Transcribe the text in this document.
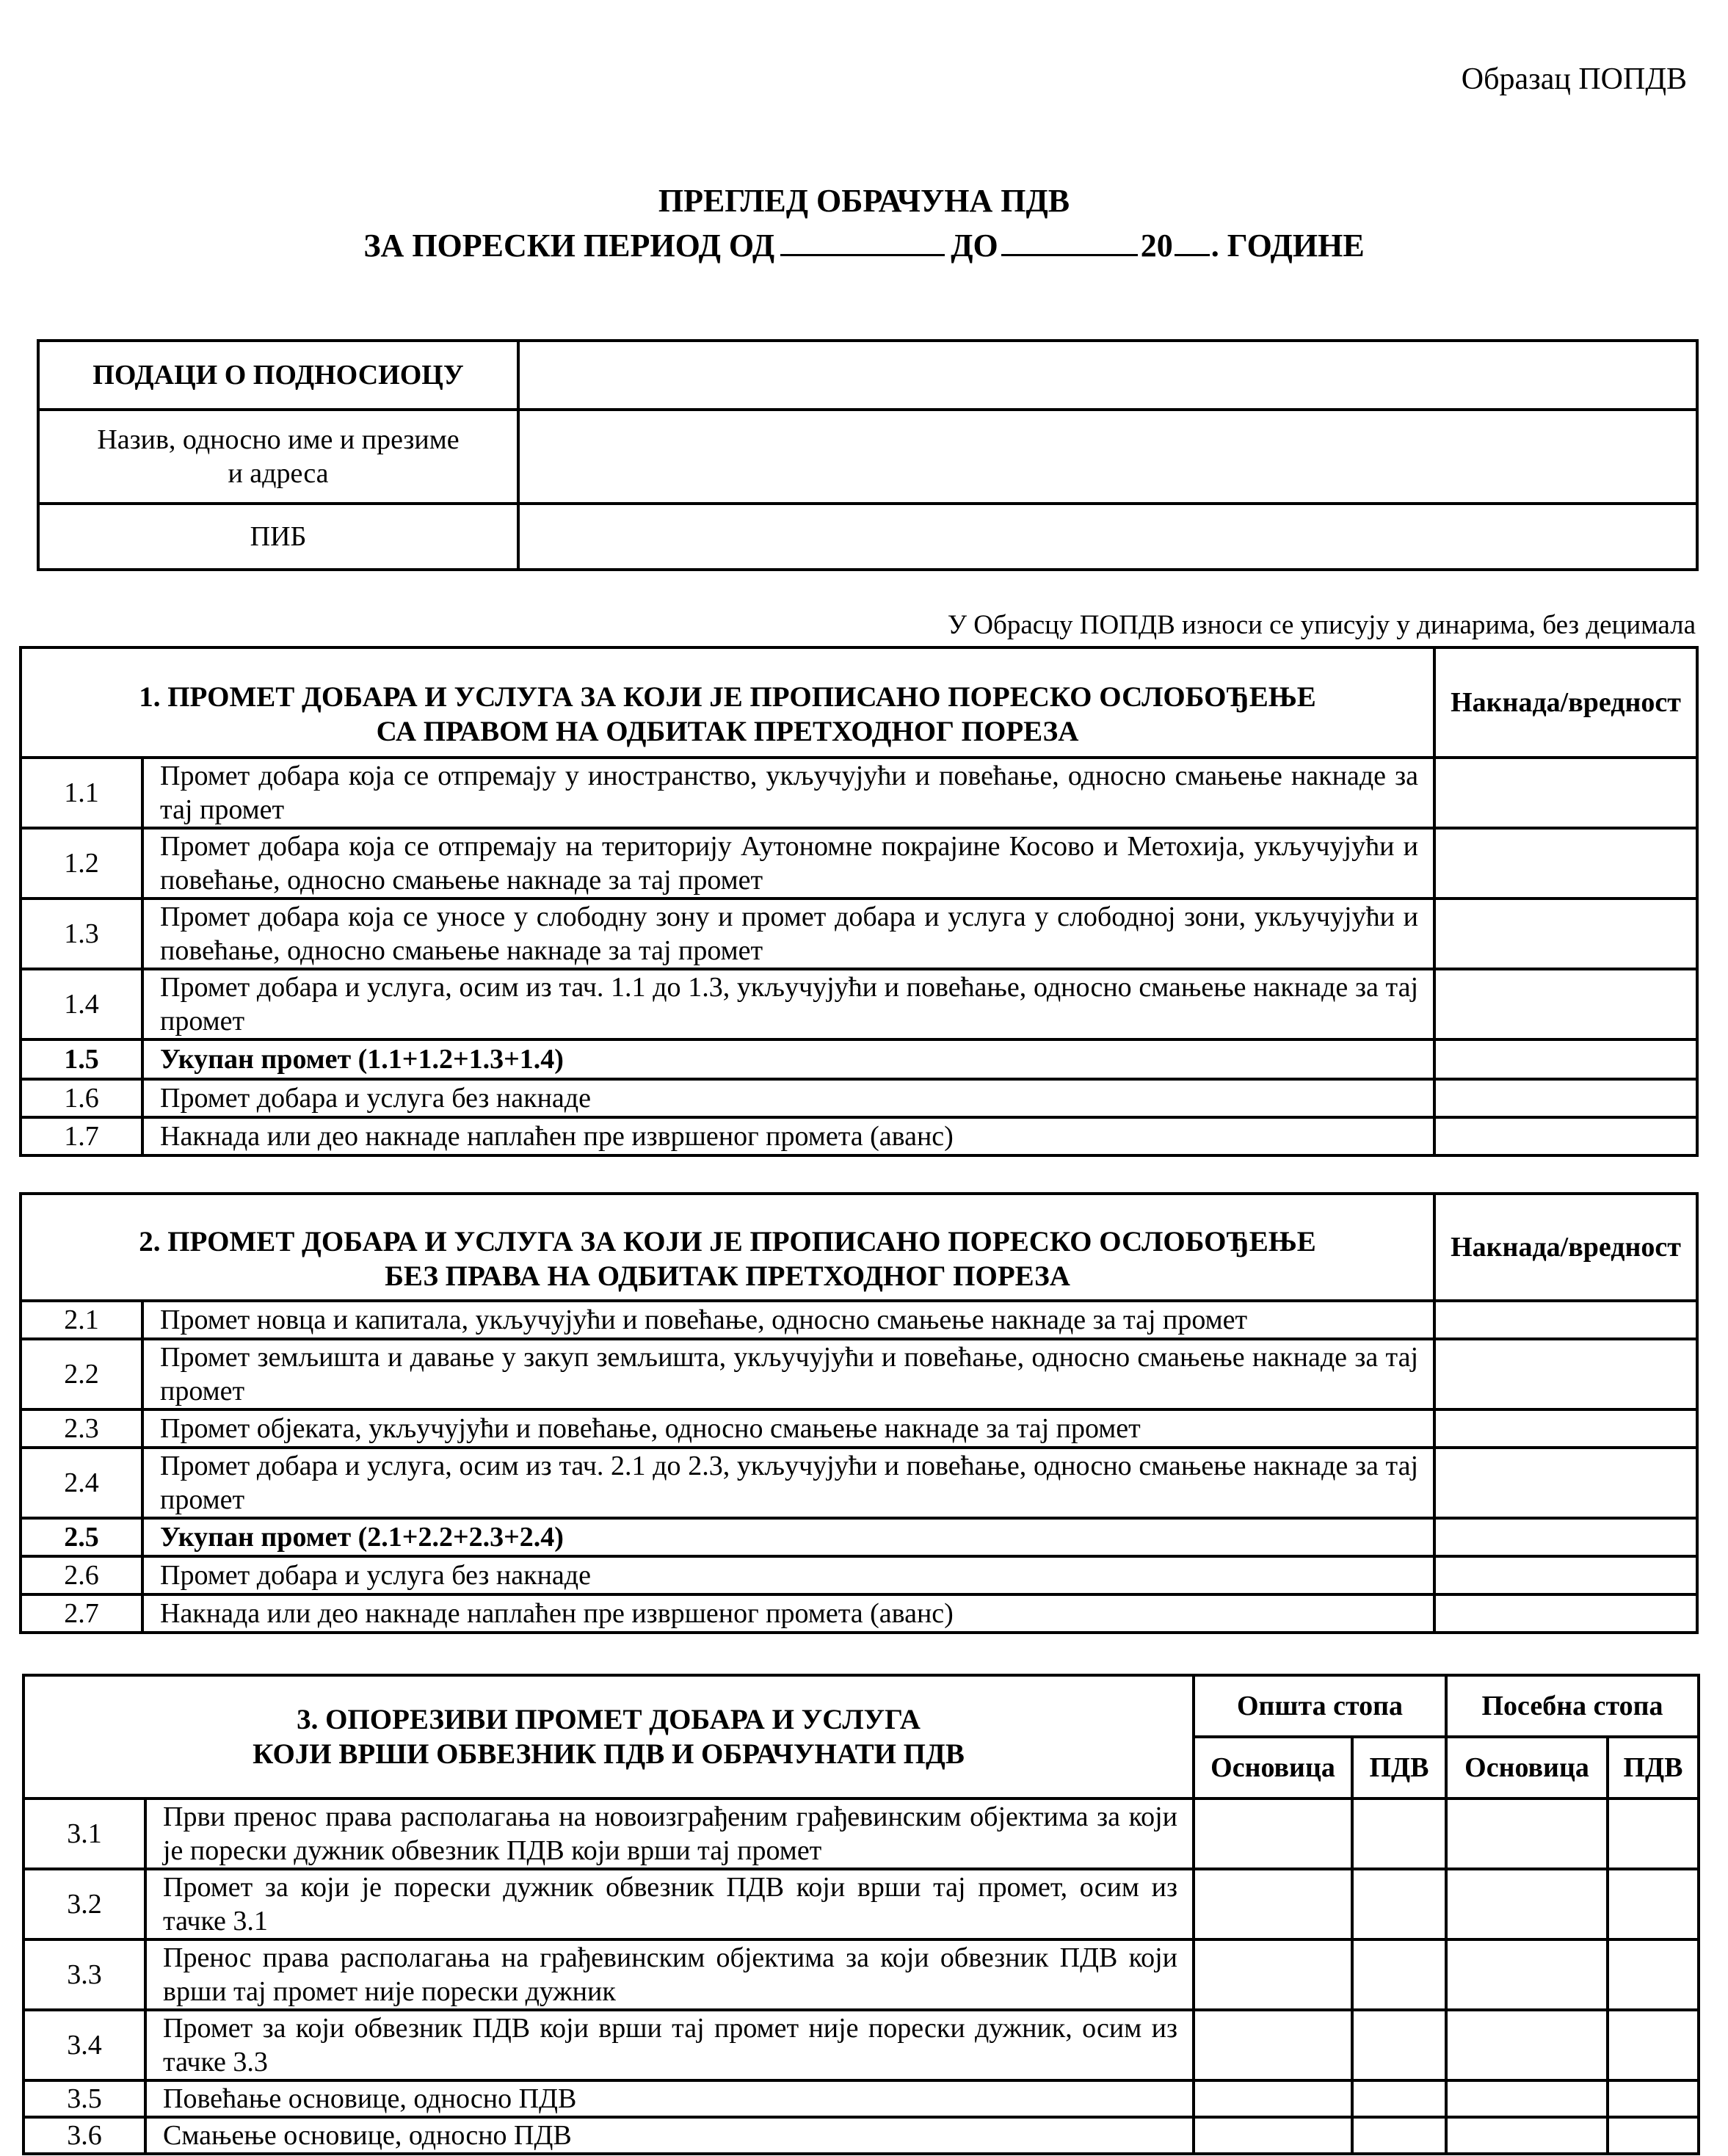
Образац ПОПДВ
ПРЕГЛЕД ОБРАЧУНА ПДВ
ЗА ПОРЕСКИ ПЕРИОД ОД	ДО	20 . ГОДИНЕ
ПОДАЦИ О ПОДНОСИОЦУ	
Назив, односно име и презиме
и адреса	
ПИБ	
У Обрасцу ПОПДВ износи се уписују у динарима, без децимала
1. ПРОМЕТ ДОБАРА И УСЛУГА ЗА КОЈИ ЈЕ ПРОПИСАНО ПОРЕСКО ОСЛОБОЂЕЊЕ
СА ПРАВОМ НА ОДБИТАК ПРЕТХОДНОГ ПОРЕЗА		Накнада/вредност
1.1	Промет добара која се отпремају у иностранство, укључујући и повећање, односно смањење накнаде за тај промет	
1.2	Промет добара која се отпремају на територију Аутономне покрајине Косово и Метохија, укључујући и повећање, односно смањење накнаде за тај промет	
1.3	Промет добара која се уносе у слободну зону и промет добара и услуга у слободној зони, укључујући и повећање, односно смањење накнаде за тај промет	
1.4	Промет добара и услуга, осим из тач. 1.1 до 1.3, укључујући и повећање, односно смањење накнаде за тај промет	
1.5	Укупан промет (1.1+1.2+1.3+1.4)	
1.6	Промет добара и услуга без накнаде	
1.7	Накнада или део накнаде наплаћен пре извршеног промета (аванс)	
2. ПРОМЕТ ДОБАРА И УСЛУГА ЗА КОЈИ ЈЕ ПРОПИСАНО ПОРЕСКО ОСЛОБОЂЕЊЕ
БЕЗ ПРАВА НА ОДБИТАК ПРЕТХОДНОГ ПОРЕЗА		Накнада/вредност
2.1	Промет новца и капитала, укључујући и повећање, односно смањење накнаде за тај промет	
2.2	Промет земљишта и давање у закуп земљишта, укључујући и повећање, односно смањење накнаде за тај промет	
2.3	Промет објеката, укључујући и повећање, односно смањење накнаде за тај промет	
2.4	Промет добара и услуга, осим из тач. 2.1 до 2.3, укључујући и повећање, односно смањење накнаде за тај промет	
2.5	Укупан промет (2.1+2.2+2.3+2.4)	
2.6	Промет добара и услуга без накнаде	
2.7	Накнада или део накнаде наплаћен пре извршеног промета (аванс)	
3. ОПОРЕЗИВИ ПРОМЕТ ДОБАРА И УСЛУГА
КОЈИ ВРШИ ОБВЕЗНИК ПДВ И ОБРАЧУНАТИ ПДВ		Општа стопа		Посебна стопа	
		Основица	ПДВ	Основица	ПДВ
3.1	Први пренос права располагања на новоизграђеним грађевинским објектима за који је порески дужник обвезник ПДВ који врши тај промет				
3.2	Промет за који је порески дужник обвезник ПДВ који врши тај промет, осим из тачке 3.1				
3.3	Пренос права располагања на грађевинским објектима за који обвезник ПДВ који врши тај промет није порески дужник				
3.4	Промет за који обвезник ПДВ који врши тај промет није порески дужник, осим из тачке 3.3				
3.5	Повећање основице, односно ПДВ				
3.6	Смањење основице, односно ПДВ				
